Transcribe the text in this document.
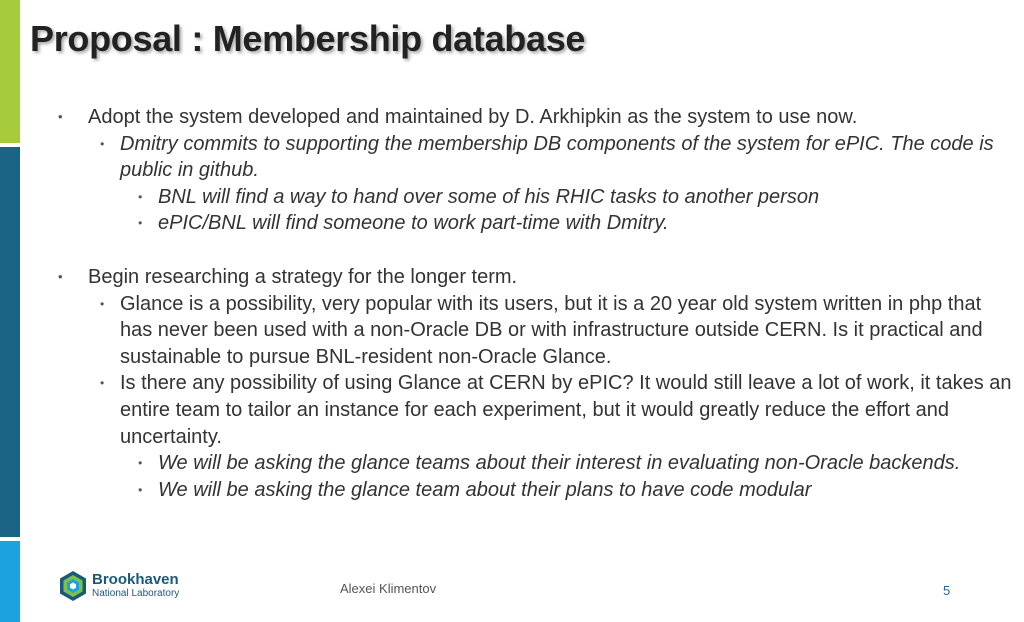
Proposal : Membership database
•	Adopt the system developed and maintained by D. Arkhipkin as the system to use now.
• Dmitry commits to supporting the membership DB components of the system for ePIC. The code is public in github.
• BNL will find a way to hand over some of his RHIC tasks to another person
• ePIC/BNL will find someone to work part-time with Dmitry.
•	Begin researching a strategy for the longer term.
• Glance is a possibility, very popular with its users, but it is a 20 year old system written in php that has never been used with a non-Oracle DB or with infrastructure outside CERN. Is it practical and sustainable to pursue BNL-resident non-Oracle Glance.
• Is there any possibility of using Glance at CERN by ePIC? It would still leave a lot of work, it takes an entire team to tailor an instance for each experiment, but it would greatly reduce the effort and uncertainty.
• We will be asking the glance teams about their interest in evaluating non-Oracle backends.
• We will be asking the glance team about their plans to have code modular
Brookhaven
National Laboratory	Alexei Klimentov	5
